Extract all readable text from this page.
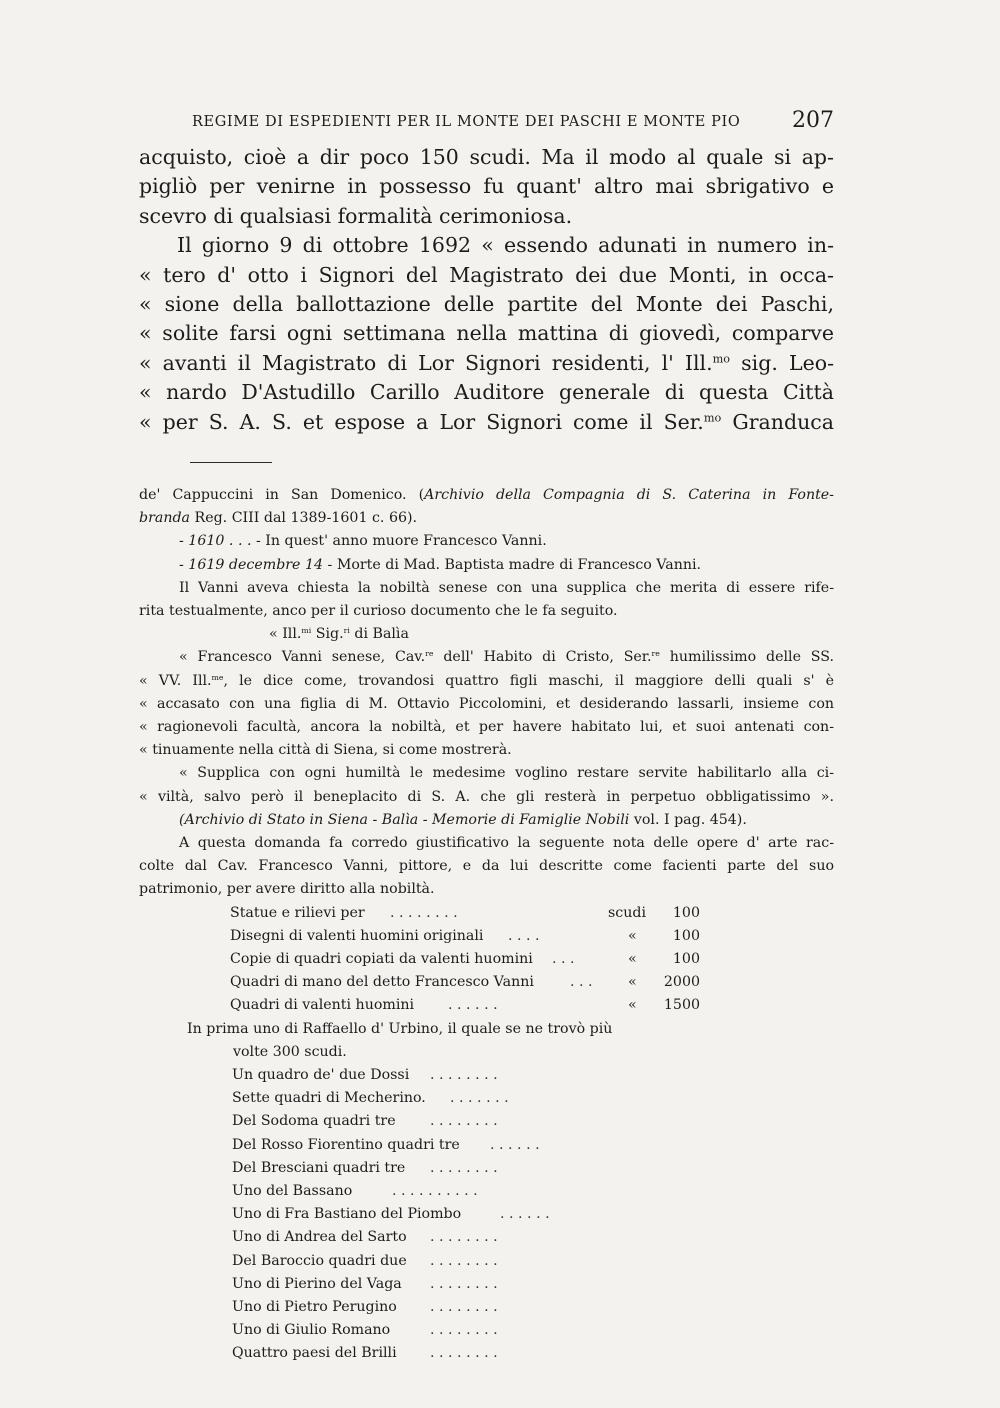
REGIME DI ESPEDIENTI PER IL MONTE DEI PASCHI E MONTE PIO 207

acquisto, cioè a dir poco 150 scudi. Ma il modo al quale si ap-
pigliò per venirne in possesso fu quant' altro mai sbrigativo e
scevro di qualsiasi formalità cerimoniosa.

Il giorno 9 di ottobre 1692 « essendo adunati in numero in-
« tero d' otto i Signori del Magistrato dei due Monti, in occa-
« sione della ballottazione delle partite del Monte dei Paschi,
« solite farsi ogni settimana nella mattina di giovedì, comparve
« avanti il Magistrato di Lor Signori residenti, l' Ill.$^{mo}$ sig. Leo-
« nardo D'Astudillo Carillo Auditore generale di questa Città
« per S. A. S. et espose a Lor Signori come il Ser.$^{mo}$ Granduca

de' Cappuccini in San Domenico. (Archivio della Compagnia di S. Caterina in Fonte-
branda Reg. CIII dal 1389-1601 c. 66).
- 1610 . . . - In quest' anno muore Francesco Vanni.
- 1619 decembre 14 - Morte di Mad. Baptista madre di Francesco Vanni.
Il Vanni aveva chiesta la nobiltà senese con una supplica che merita di essere rife-
rita testualmente, anco per il curioso documento che le fa seguito.
« Ill.$^{mi}$ Sig.$^{ri}$ di Balìa
« Francesco Vanni senese, Cav.$^{re}$ dell' Habito di Cristo, Ser.$^{re}$ humilissimo delle SS.
« VV. Ill.$^{me}$, le dice come, trovandosi quattro figli maschi, il maggiore delli quali s' è
« accasato con una figlia di M. Ottavio Piccolomini, et desiderando lassarli, insieme con
« ragionevoli facultà, ancora la nobiltà, et per havere habitato lui, et suoi antenati con-
« tinuamente nella città di Siena, si come mostrerà.
« Supplica con ogni humiltà le medesime voglino restare servite habilitarlo alla ci-
« viltà, salvo però il beneplacito di S. A. che gli resterà in perpetuo obbligatissimo ».
(Archivio di Stato in Siena - Balìa - Memorie di Famiglie Nobili vol. I pag. 454).
A questa domanda fa corredo giustificativo la seguente nota delle opere d' arte rac-
colte dal Cav. Francesco Vanni, pittore, e da lui descritte come facienti parte del suo
patrimonio, per avere diritto alla nobiltà.
Statue e rilievi per . . . . . . . .	scudi 100
Disegni di valenti huomini originali . . . .	«	100
Copie di quadri copiati da valenti huomini . . .	«	100
Quadri di mano del detto Francesco Vanni	. . . « 2000
Quadri di valenti huomini . . . . . .	« 1500
In prima uno di Raffaello d' Urbino, il quale se ne trovò più
volte 300 scudi.
Un quadro de' due Dossi . . . . . . . .
Sette quadri di Mecherino. . . . . . . .
Del Sodoma quadri tre . . . . . . . .
Del Rosso Fiorentino quadri tre . . . . . .
Del Bresciani quadri tre . . . . . . . .
Uno del Bassano	. . . . . . . . . .
Uno di Fra Bastiano del Piombo	. . . . . .
Uno di Andrea del Sarto . . . . . . . .
Del Baroccio quadri due . . . . . . . .
Uno di Pierino del Vaga . . . . . . . .
Uno di Pietro Perugino . . . . . . . .
Uno di Giulio Romano	. . . . . . . .
Quattro paesi del Brilli . . . . . . . .
